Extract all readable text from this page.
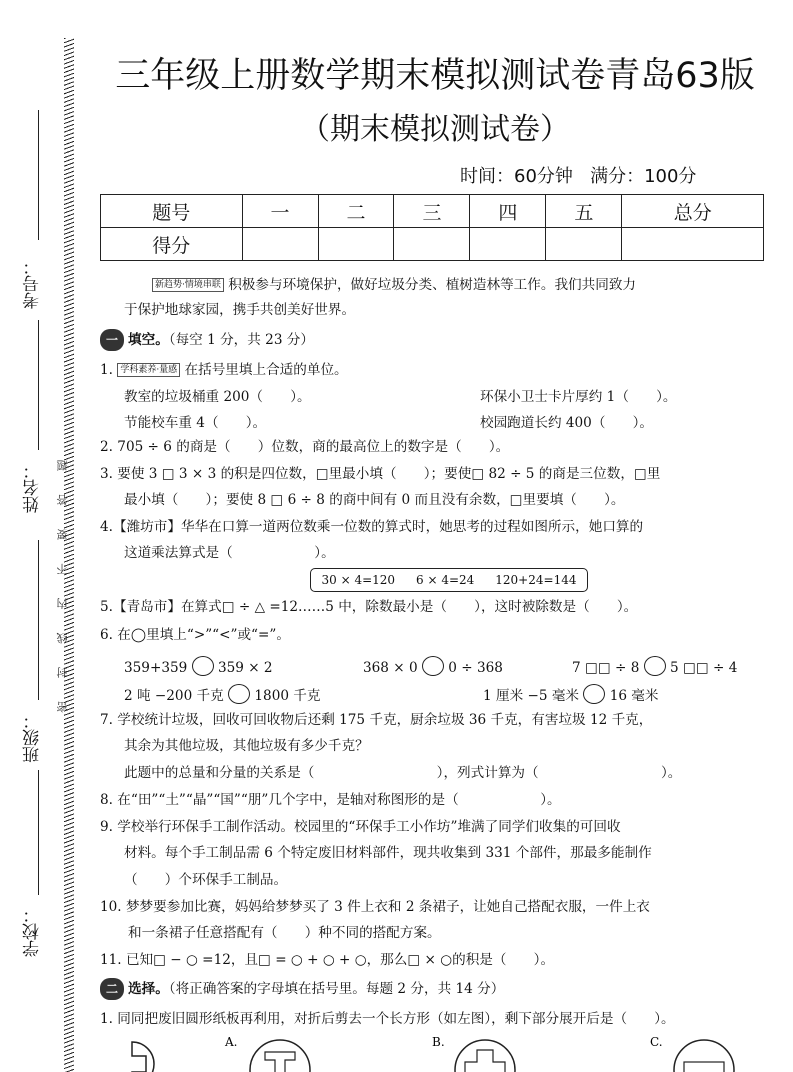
考号：
姓名：
班级：
学校：
密 封 线 内 不 要 答 题
三年级上册数学期末模拟测试卷青岛63版
（期末模拟测试卷）
时间：60分钟 满分：100分
题号	一	二	三	四	五	总分
得分						
新趋势·情境串联 积极参与环境保护，做好垃圾分类、植树造林等工作。我们共同致力
于保护地球家园，携手共创美好世界。
一 填空。（每空 1 分，共 23 分）
1. 学科素养·量感 在括号里填上合适的单位。
教室的垃圾桶重 200（　　）。	环保小卫士卡片厚约 1（　　）。
节能校车重 4（　　）。	校园跑道长约 400（　　）。
2. 705 ÷ 6 的商是（　　）位数，商的最高位上的数字是（　　）。
3. 要使 3 □ 3 × 3 的积是四位数，□里最小填（　　）；要使□ 82 ÷ 5 的商是三位数，□里
最小填（　　）；要使 8 □ 6 ÷ 8 的商中间有 0 而且没有余数，□里要填（　　）。
4.【潍坊市】华华在口算一道两位数乘一位数的算式时，她思考的过程如图所示，她口算的
这道乘法算式是（　　　　　　）。
30 × 4=120 6 × 4=24 120+24=144
5.【青岛市】在算式□ ÷ △ =12……5 中，除数最小是（　　），这时被除数是（　　）。
6. 在◯里填上“>”“<”或“=”。
359+359 359 × 2	368 × 0 0 ÷ 368	7 □□ ÷ 8 5 □□ ÷ 4
2 吨 −200 千克 1800 千克	1 厘米 −5 毫米 16 毫米
7. 学校统计垃圾，回收可回收物后还剩 175 千克，厨余垃圾 36 千克，有害垃圾 12 千克，
其余为其他垃圾，其他垃圾有多少千克？
此题中的总量和分量的关系是（　　　　　　　　　），列式计算为（　　　　　　　　　）。
8. 在“田”“土”“晶”“国”“朋”几个字中，是轴对称图形的是（　　　　　　）。
9. 学校举行环保手工制作活动。校园里的“环保手工小作坊”堆满了同学们收集的可回收
材料。每个手工制品需 6 个特定废旧材料部件，现共收集到 331 个部件，那最多能制作
（　　）个环保手工制品。
10. 梦梦要参加比赛，妈妈给梦梦买了 3 件上衣和 2 条裙子，让她自己搭配衣服，一件上衣
和一条裙子任意搭配有（　　）种不同的搭配方案。
11. 已知□ − ○ =12，且□ = ○ + ○ + ○，那么□ × ○的积是（　　）。
二 选择。（将正确答案的字母填在括号里。每题 2 分，共 14 分）
1. 同同把废旧圆形纸板再利用，对折后剪去一个长方形（如左图），剩下部分展开后是（　　）。
A.	B.	C.
